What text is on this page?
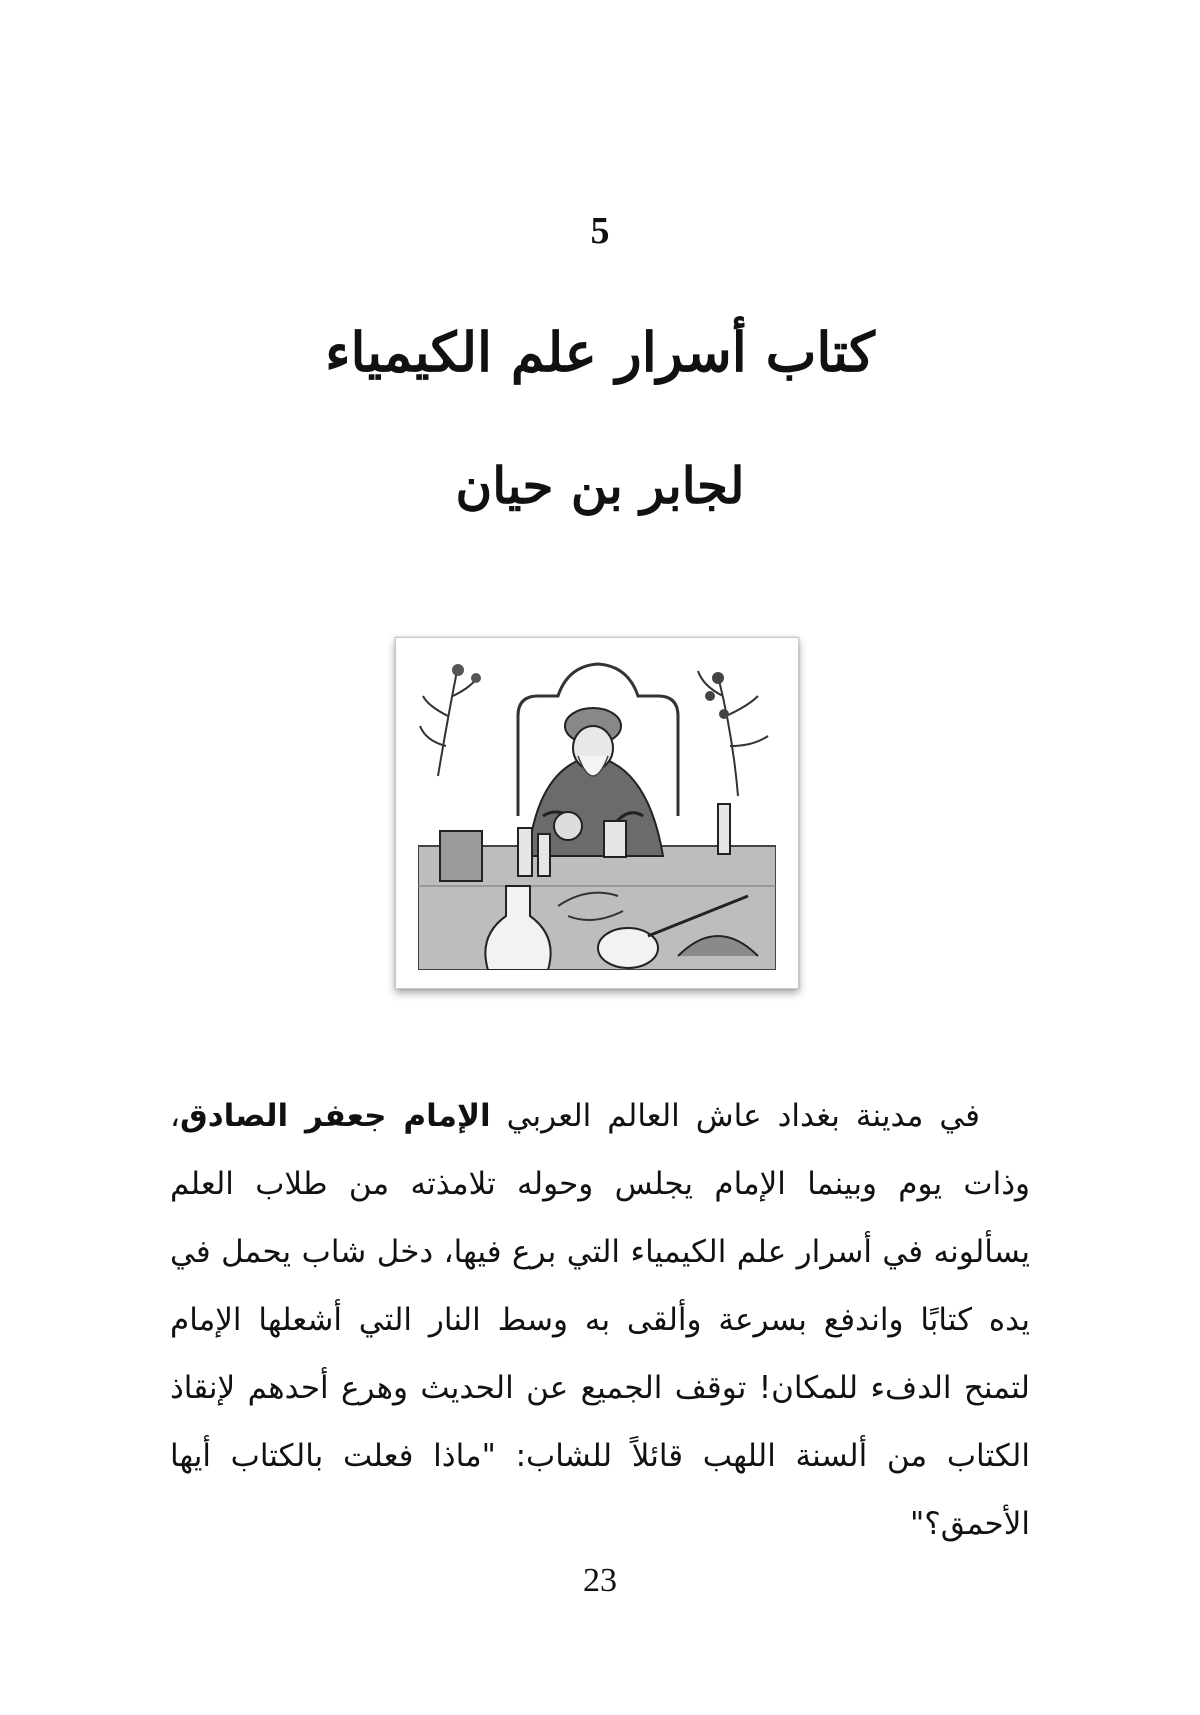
5
كتاب أسرار علم الكيمياء
لجابر بن حيان

في مدينة بغداد عاش العالم العربي الإمام جعفر الصادق، وذات يوم وبينما الإمام يجلس وحوله تلامذته من طلاب العلم يسألونه في أسرار علم الكيمياء التي برع فيها، دخل شاب يحمل في يده كتابًا واندفع بسرعة وألقى به وسط النار التي أشعلها الإمام لتمنح الدفء للمكان! توقف الجميع عن الحديث وهرع أحدهم لإنقاذ الكتاب من ألسنة اللهب قائلاً للشاب: "ماذا فعلت بالكتاب أيها الأحمق؟"

23
